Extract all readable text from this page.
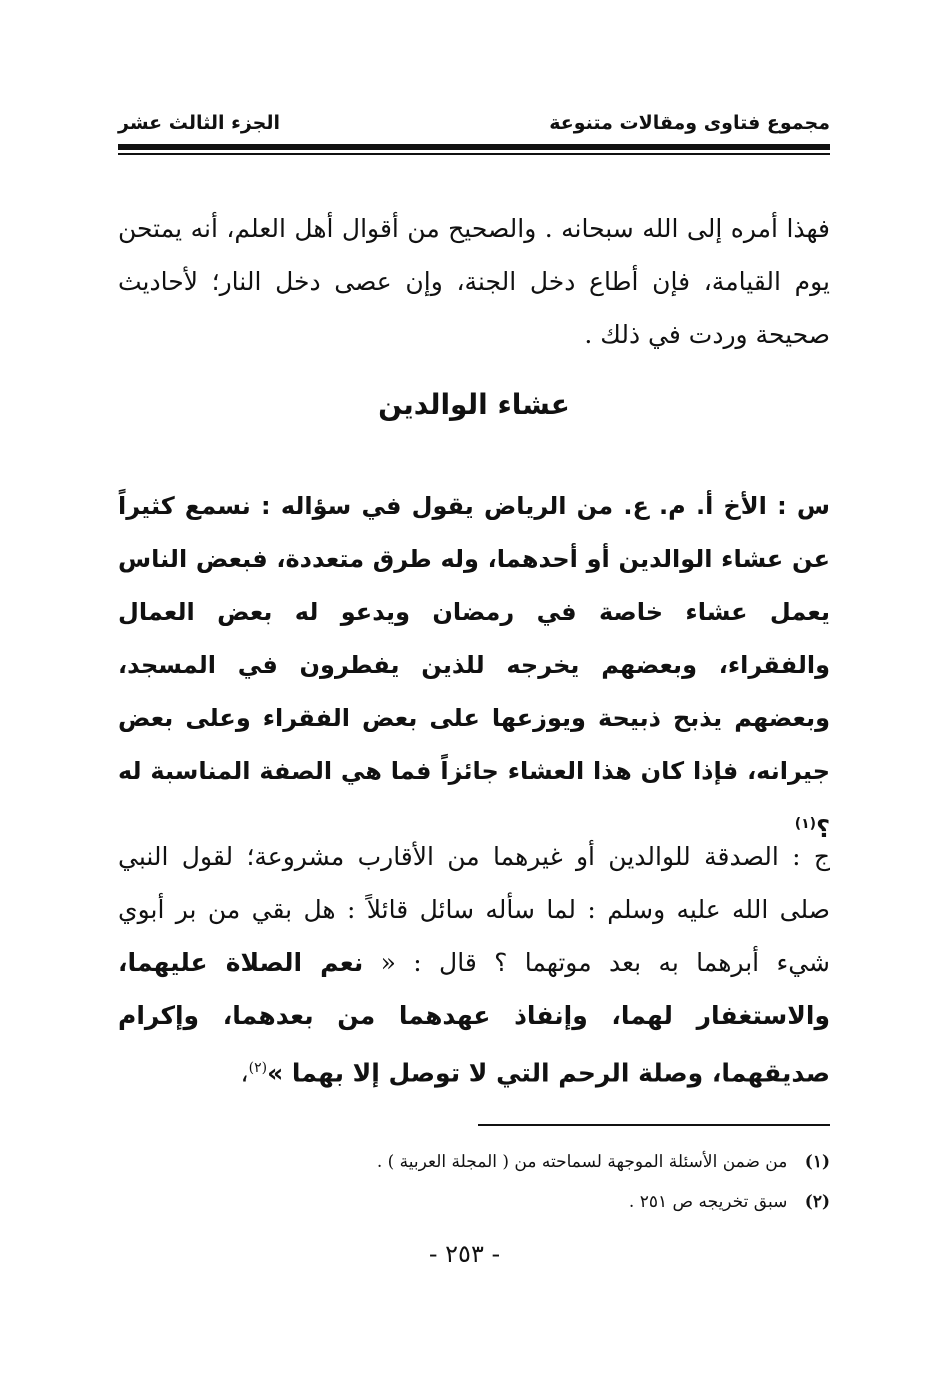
مجموع فتاوى ومقالات متنوعة
الجزء الثالث عشر
فهذا أمره إلى الله سبحانه . والصحيح من أقوال أهل العلم، أنه يمتحن يوم القيامة، فإن أطاع دخل الجنة، وإن عصى دخل النار؛ لأحاديث صحيحة وردت في ذلك .
عشاء الوالدين
س : الأخ أ. م. ع. من الرياض يقول في سؤاله : نسمع كثيراً عن عشاء الوالدين أو أحدهما، وله طرق متعددة، فبعض الناس يعمل عشاء خاصة في رمضان ويدعو له بعض العمال والفقراء، وبعضهم يخرجه للذين يفطرون في المسجد، وبعضهم يذبح ذبيحة ويوزعها على بعض الفقراء وعلى بعض جيرانه، فإذا كان هذا العشاء جائزاً فما هي الصفة المناسبة له ؟$^{(١)}$
ج : الصدقة للوالدين أو غيرهما من الأقارب مشروعة؛ لقول النبي صلى الله عليه وسلم : لما سأله سائل قائلاً : هل بقي من بر أبوي شيء أبرهما به بعد موتهما ؟ قال : « نعم الصلاة عليهما، والاستغفار لهما، وإنفاذ عهدهما من بعدهما، وإكرام صديقهما، وصلة الرحم التي لا توصل إلا بهما »$^{(٢)}$،
(١) من ضمن الأسئلة الموجهة لسماحته من ( المجلة العربية ) .
(٢) سبق تخريجه ص ٢٥١ .
- ٢٥٣ -
